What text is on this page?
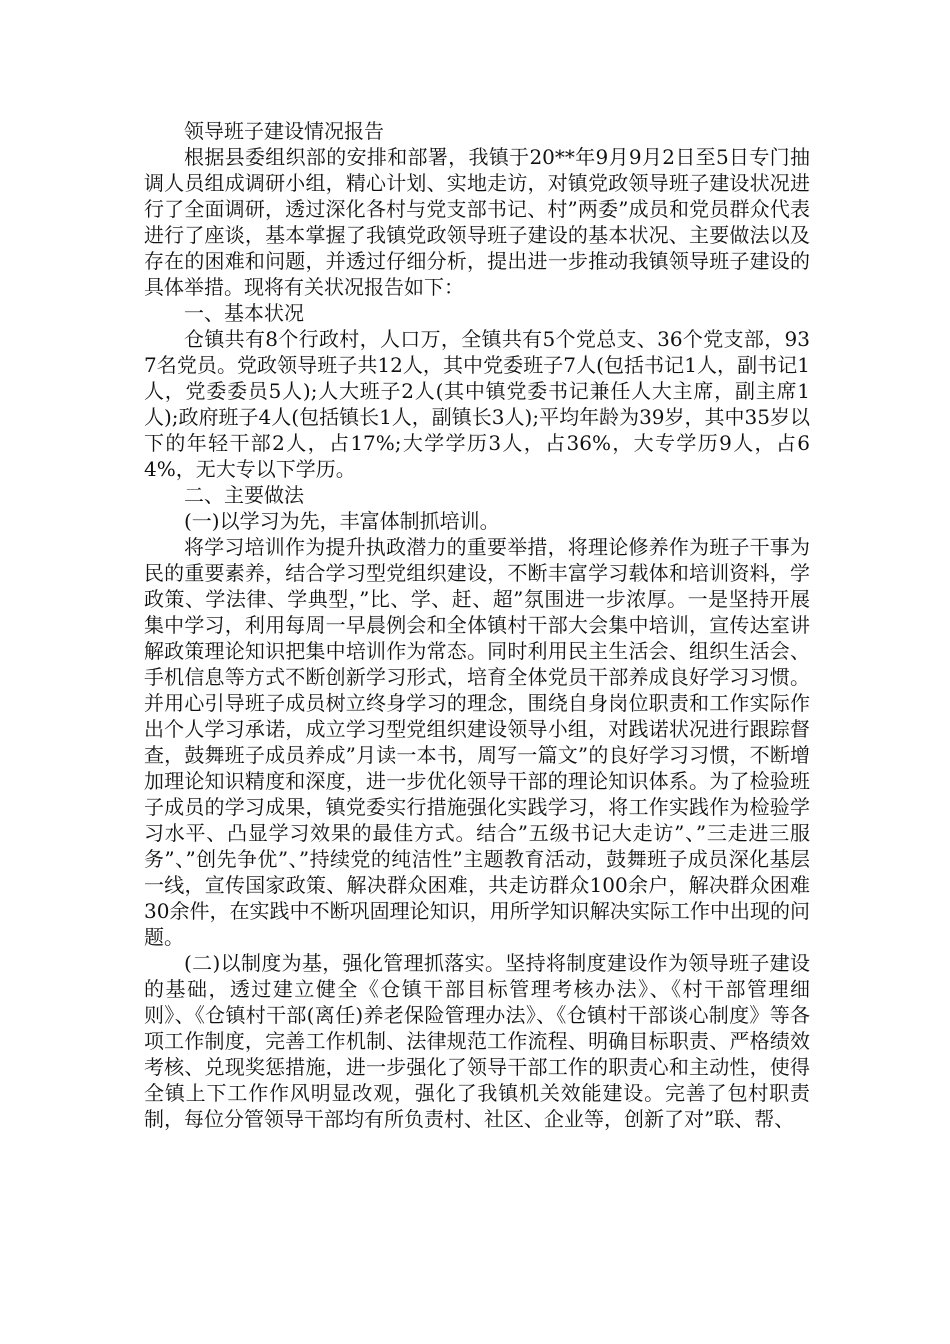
领导班子建设情况报告

根据县委组织部的安排和部署，我镇于20**年9月9月2日至5日专门抽调人员组成调研小组，精心计划、实地走访，对镇党政领导班子建设状况进行了全面调研，透过深化各村与党支部书记、村”两委”成员和党员群众代表进行了座谈，基本掌握了我镇党政领导班子建设的基本状况、主要做法以及存在的困难和问题，并透过仔细分析，提出进一步推动我镇领导班子建设的具体举措。现将有关状况报告如下：

一、基本状况

仓镇共有8个行政村，人口万，全镇共有5个党总支、36个党支部，937名党员。党政领导班子共12人，其中党委班子7人(包括书记1人，副书记1人，党委委员5人);人大班子2人(其中镇党委书记兼任人大主席，副主席1人);政府班子4人(包括镇长1人，副镇长3人);平均年龄为39岁，其中35岁以下的年轻干部2人，占17%;大学学历3人，占36%，大专学历9人，占64%，无大专以下学历。

二、主要做法

(一)以学习为先，丰富体制抓培训。

将学习培训作为提升执政潜力的重要举措，将理论修养作为班子干事为民的重要素养，结合学习型党组织建设，不断丰富学习载体和培训资料，学政策、学法律、学典型，”比、学、赶、超”氛围进一步浓厚。一是坚持开展集中学习，利用每周一早晨例会和全体镇村干部大会集中培训，宣传达室讲解政策理论知识把集中培训作为常态。同时利用民主生活会、组织生活会、手机信息等方式不断创新学习形式，培育全体党员干部养成良好学习习惯。并用心引导班子成员树立终身学习的理念，围绕自身岗位职责和工作实际作出个人学习承诺，成立学习型党组织建设领导小组，对践诺状况进行跟踪督查，鼓舞班子成员养成”月读一本书，周写一篇文”的良好学习习惯，不断增加理论知识精度和深度，进一步优化领导干部的理论知识体系。为了检验班子成员的学习成果，镇党委实行措施强化实践学习，将工作实践作为检验学习水平、凸显学习效果的最佳方式。结合”五级书记大走访”、”三走进三服务”、”创先争优”、”持续党的纯洁性”主题教育活动，鼓舞班子成员深化基层一线，宣传国家政策、解决群众困难，共走访群众100余户，解决群众困难30余件，在实践中不断巩固理论知识，用所学知识解决实际工作中出现的问题。

(二)以制度为基，强化管理抓落实。坚持将制度建设作为领导班子建设的基础，透过建立健全《仓镇干部目标管理考核办法》、《村干部管理细则》、《仓镇村干部(离任)养老保险管理办法》、《仓镇村干部谈心制度》等各项工作制度，完善工作机制、法律规范工作流程、明确目标职责、严格绩效考核、兑现奖惩措施，进一步强化了领导干部工作的职责心和主动性，使得全镇上下工作作风明显改观，强化了我镇机关效能建设。完善了包村职责制，每位分管领导干部均有所负责村、社区、企业等，创新了对”联、帮、
